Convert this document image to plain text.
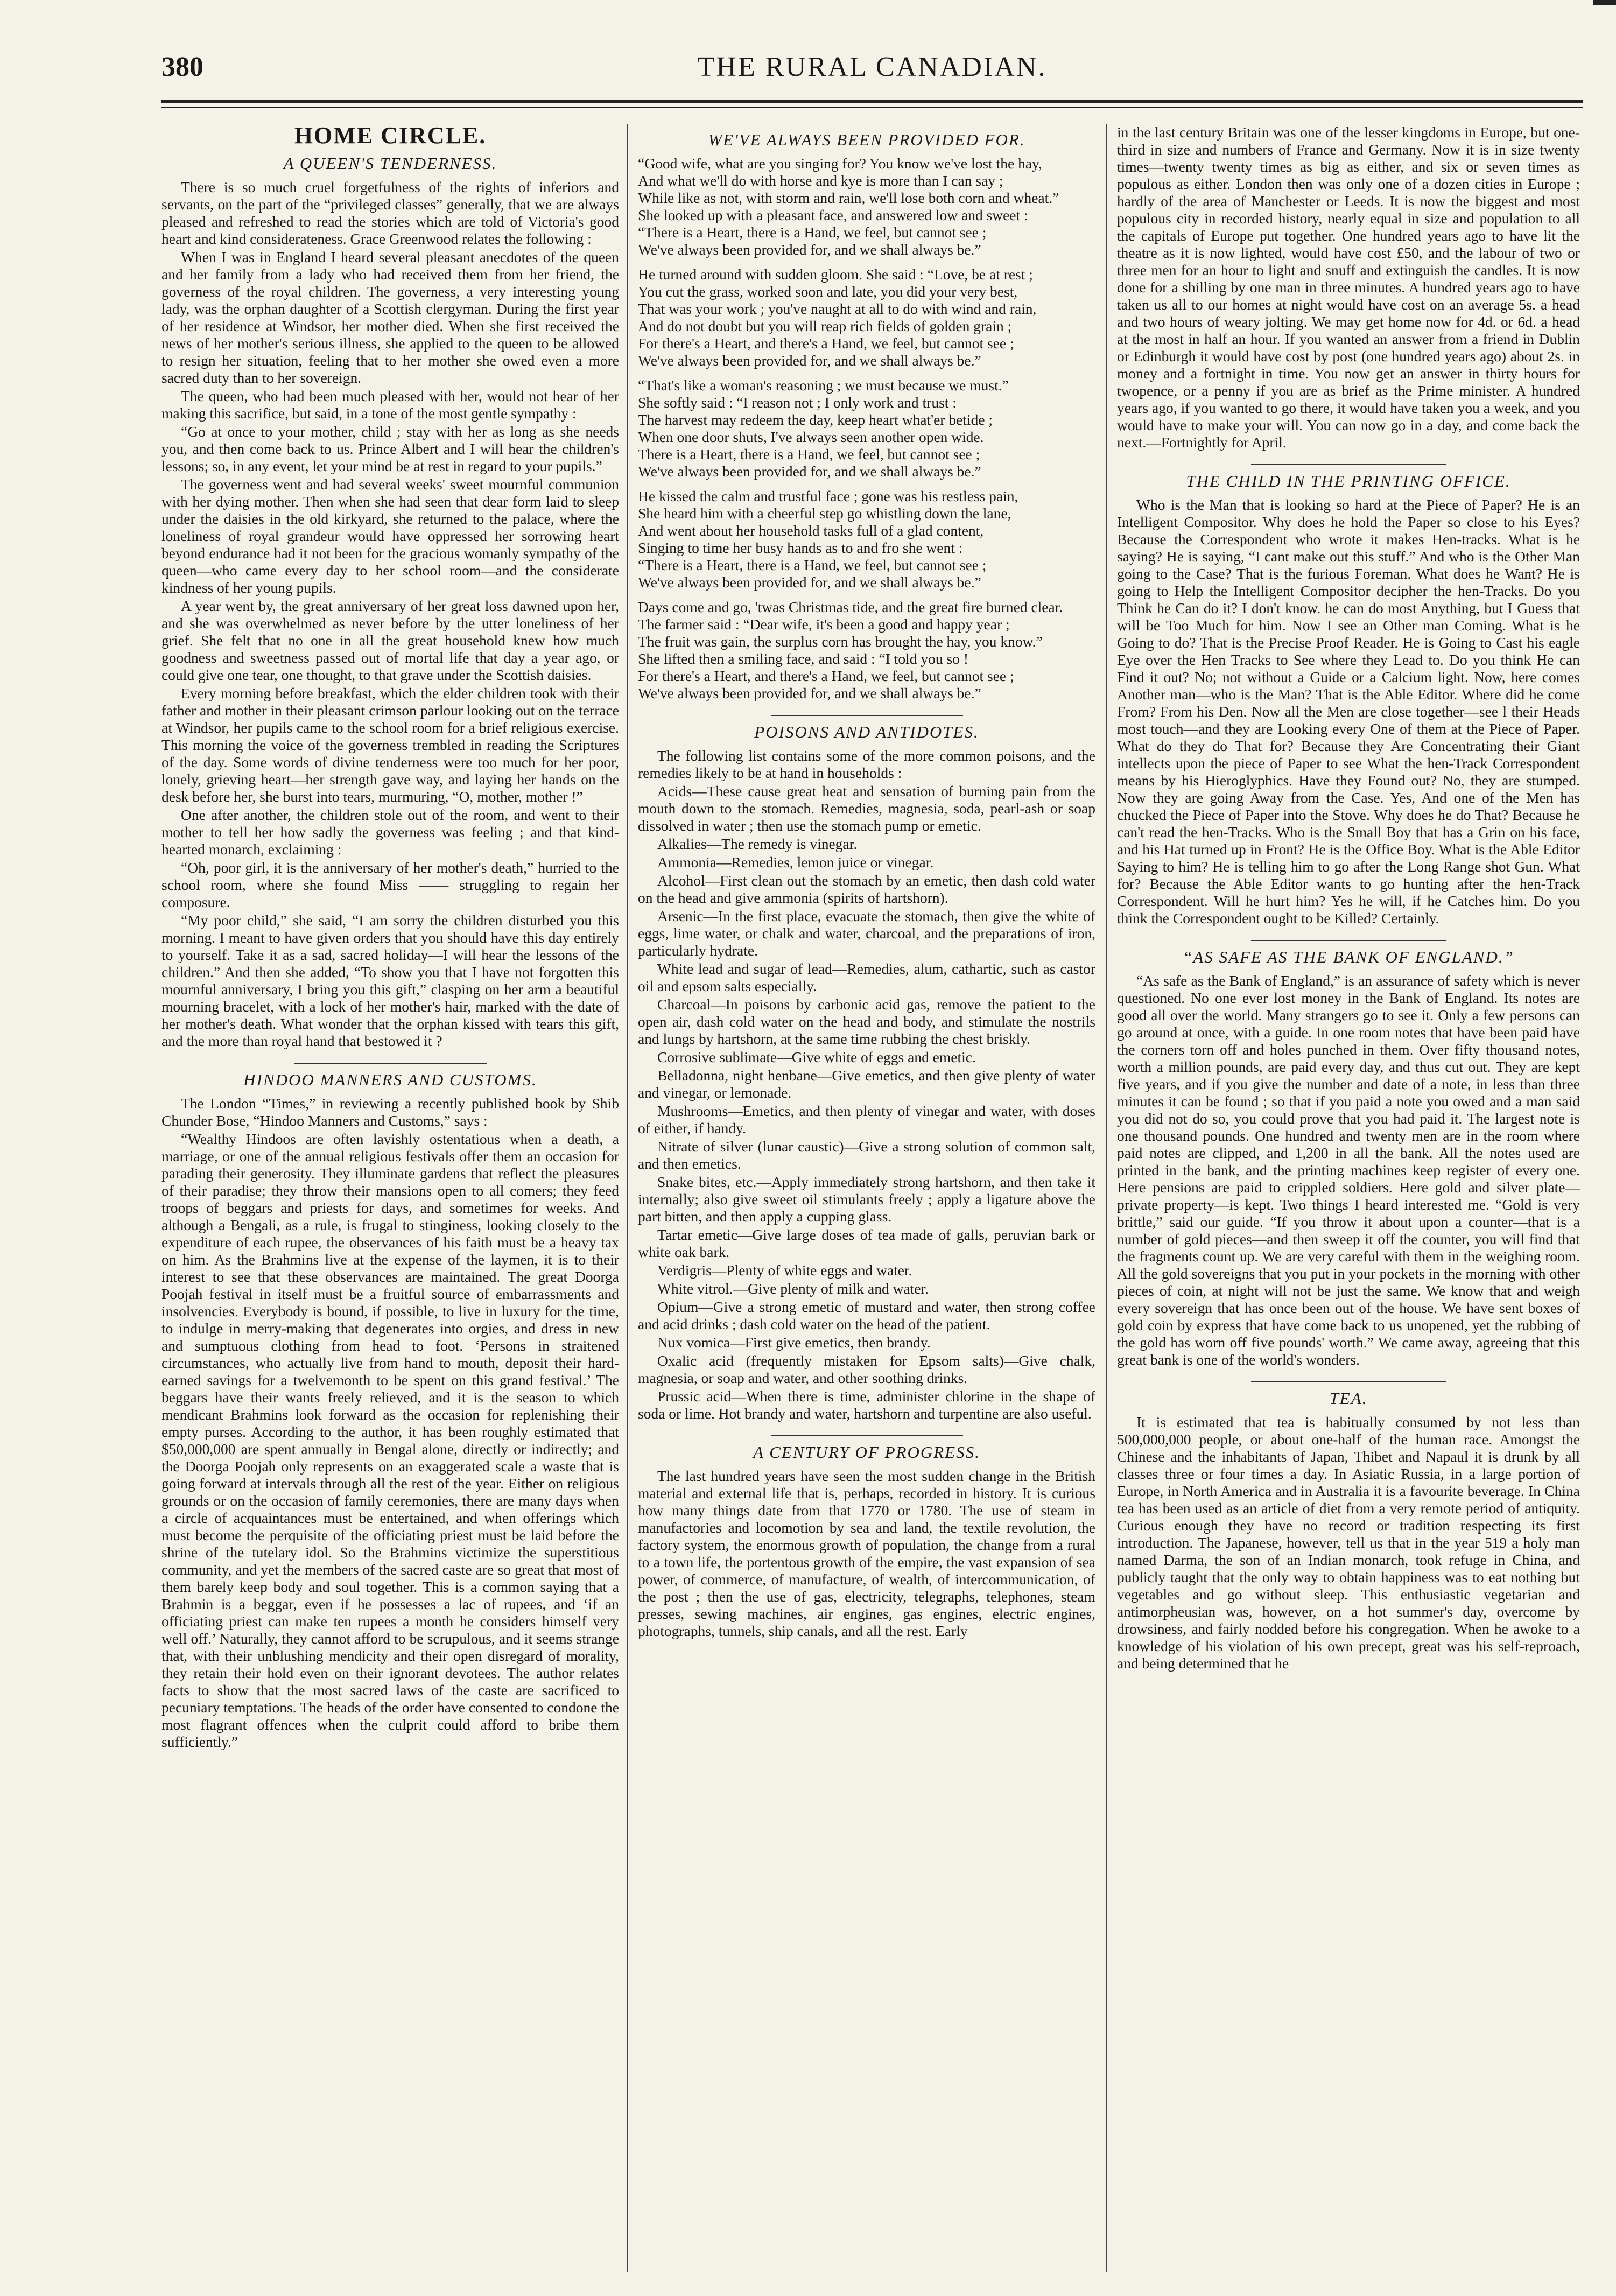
380	THE RURAL CANADIAN.
HOME CIRCLE.
A QUEEN'S TENDERNESS.

There is so much cruel forgetfulness of the rights of inferiors and servants, on the part of the “privileged classes” generally, that we are always pleased and refreshed to read the stories which are told of Victoria's good heart and kind considerateness. Grace Greenwood relates the following :

When I was in England I heard several pleasant anecdotes of the queen and her family from a lady who had received them from her friend, the governess of the royal children. The governess, a very interesting young lady, was the orphan daughter of a Scottish clergyman. During the first year of her residence at Windsor, her mother died. When she first received the news of her mother's serious illness, she applied to the queen to be allowed to resign her situation, feeling that to her mother she owed even a more sacred duty than to her sovereign.

The queen, who had been much pleased with her, would not hear of her making this sacrifice, but said, in a tone of the most gentle sympathy :

“Go at once to your mother, child ; stay with her as long as she needs you, and then come back to us. Prince Albert and I will hear the children's lessons; so, in any event, let your mind be at rest in regard to your pupils.”

The governess went and had several weeks' sweet mournful communion with her dying mother. Then when she had seen that dear form laid to sleep under the daisies in the old kirkyard, she returned to the palace, where the loneliness of royal grandeur would have oppressed her sorrowing heart beyond endurance had it not been for the gracious womanly sympathy of the queen—who came every day to her school room—and the considerate kindness of her young pupils.

A year went by, the great anniversary of her great loss dawned upon her, and she was overwhelmed as never before by the utter loneliness of her grief. She felt that no one in all the great household knew how much goodness and sweetness passed out of mortal life that day a year ago, or could give one tear, one thought, to that grave under the Scottish daisies.

Every morning before breakfast, which the elder children took with their father and mother in their pleasant crimson parlour looking out on the terrace at Windsor, her pupils came to the school room for a brief religious exercise. This morning the voice of the governess trembled in reading the Scriptures of the day. Some words of divine tenderness were too much for her poor, lonely, grieving heart—her strength gave way, and laying her hands on the desk before her, she burst into tears, murmuring, “O, mother, mother !”

One after another, the children stole out of the room, and went to their mother to tell her how sadly the governess was feeling ; and that kind-hearted monarch, exclaiming :

“Oh, poor girl, it is the anniversary of her mother's death,” hurried to the school room, where she found Miss —— struggling to regain her composure.

“My poor child,” she said, “I am sorry the children disturbed you this morning. I meant to have given orders that you should have this day entirely to yourself. Take it as a sad, sacred holiday—I will hear the lessons of the children.” And then she added, “To show you that I have not forgotten this mournful anniversary, I bring you this gift,” clasping on her arm a beautiful mourning bracelet, with a lock of her mother's hair, marked with the date of her mother's death. What wonder that the orphan kissed with tears this gift, and the more than royal hand that bestowed it ?

HINDOO MANNERS AND CUSTOMS.

The London “Times,” in reviewing a recently published book by Shib Chunder Bose, “Hindoo Manners and Customs,” says :

“Wealthy Hindoos are often lavishly ostentatious when a death, a marriage, or one of the annual religious festivals offer them an occasion for parading their generosity. They illuminate gardens that reflect the pleasures of their paradise; they throw their mansions open to all comers; they feed troops of beggars and priests for days, and sometimes for weeks. And although a Bengali, as a rule, is frugal to stinginess, looking closely to the expenditure of each rupee, the observances of his faith must be a heavy tax on him. As the Brahmins live at the expense of the laymen, it is to their interest to see that these observances are maintained. The great Doorga Poojah festival in itself must be a fruitful source of embarrassments and insolvencies. Everybody is bound, if possible, to live in luxury for the time, to indulge in merry-making that degenerates into orgies, and dress in new and sumptuous clothing from head to foot. ‘Persons in straitened circumstances, who actually live from hand to mouth, deposit their hard-earned savings for a twelvemonth to be spent on this grand festival.’ The beggars have their wants freely relieved, and it is the season to which mendicant Brahmins look forward as the occasion for replenishing their empty purses. According to the author, it has been roughly estimated that $50,000,000 are spent annually in Bengal alone, directly or indirectly; and the Doorga Poojah only represents on an exaggerated scale a waste that is going forward at intervals through all the rest of the year. Either on religious grounds or on the occasion of family ceremonies, there are many days when a circle of acquaintances must be entertained, and when offerings which must become the perquisite of the officiating priest must be laid before the shrine of the tutelary idol. So the Brahmins victimize the superstitious community, and yet the members of the sacred caste are so great that most of them barely keep body and soul together. This is a common saying that a Brahmin is a beggar, even if he possesses a lac of rupees, and ‘if an officiating priest can make ten rupees a month he considers himself very well off.’ Naturally, they cannot afford to be scrupulous, and it seems strange that, with their unblushing mendicity and their open disregard of morality, they retain their hold even on their ignorant devotees. The author relates facts to show that the most sacred laws of the caste are sacrificed to pecuniary temptations. The heads of the order have consented to condone the most flagrant offences when the culprit could afford to bribe them sufficiently.”

WE'VE ALWAYS BEEN PROVIDED FOR.

“Good wife, what are you singing for? You know we've lost the hay,

And what we'll do with horse and kye is more than I can say ;

While like as not, with storm and rain, we'll lose both corn and wheat.”

She looked up with a pleasant face, and answered low and sweet :

“There is a Heart, there is a Hand, we feel, but cannot see ;

We've always been provided for, and we shall always be.”

He turned around with sudden gloom. She said : “Love, be at rest ;

You cut the grass, worked soon and late, you did your very best,

That was your work ; you've naught at all to do with wind and rain,

And do not doubt but you will reap rich fields of golden grain ;

For there's a Heart, and there's a Hand, we feel, but cannot see ;

We've always been provided for, and we shall always be.”

“That's like a woman's reasoning ; we must because we must.”

She softly said : “I reason not ; I only work and trust :

The harvest may redeem the day, keep heart what'er betide ;

When one door shuts, I've always seen another open wide.

There is a Heart, there is a Hand, we feel, but cannot see ;

We've always been provided for, and we shall always be.”

He kissed the calm and trustful face ; gone was his restless pain,

She heard him with a cheerful step go whistling down the lane,

And went about her household tasks full of a glad content,

Singing to time her busy hands as to and fro she went :

“There is a Heart, there is a Hand, we feel, but cannot see ;

We've always been provided for, and we shall always be.”

Days come and go, 'twas Christmas tide, and the great fire burned clear.

The farmer said : “Dear wife, it's been a good and happy year ;

The fruit was gain, the surplus corn has brought the hay, you know.”

She lifted then a smiling face, and said : “I told you so !

For there's a Heart, and there's a Hand, we feel, but cannot see ;

We've always been provided for, and we shall always be.”

POISONS AND ANTIDOTES.

The following list contains some of the more common poisons, and the remedies likely to be at hand in households :

Acids—These cause great heat and sensation of burning pain from the mouth down to the stomach. Remedies, magnesia, soda, pearl-ash or soap dissolved in water ; then use the stomach pump or emetic.

Alkalies—The remedy is vinegar.

Ammonia—Remedies, lemon juice or vinegar.

Alcohol—First clean out the stomach by an emetic, then dash cold water on the head and give ammonia (spirits of hartshorn).

Arsenic—In the first place, evacuate the stomach, then give the white of eggs, lime water, or chalk and water, charcoal, and the preparations of iron, particularly hydrate.

White lead and sugar of lead—Remedies, alum, cathartic, such as castor oil and epsom salts especially.

Charcoal—In poisons by carbonic acid gas, remove the patient to the open air, dash cold water on the head and body, and stimulate the nostrils and lungs by hartshorn, at the same time rubbing the chest briskly.

Corrosive sublimate—Give white of eggs and emetic.

Belladonna, night henbane—Give emetics, and then give plenty of water and vinegar, or lemonade.

Mushrooms—Emetics, and then plenty of vinegar and water, with doses of either, if handy.

Nitrate of silver (lunar caustic)—Give a strong solution of common salt, and then emetics.

Snake bites, etc.—Apply immediately strong hartshorn, and then take it internally; also give sweet oil stimulants freely ; apply a ligature above the part bitten, and then apply a cupping glass.

Tartar emetic—Give large doses of tea made of galls, peruvian bark or white oak bark.

Verdigris—Plenty of white eggs and water.

White vitrol.—Give plenty of milk and water.

Opium—Give a strong emetic of mustard and water, then strong coffee and acid drinks ; dash cold water on the head of the patient.

Nux vomica—First give emetics, then brandy.

Oxalic acid (frequently mistaken for Epsom salts)—Give chalk, magnesia, or soap and water, and other soothing drinks.

Prussic acid—When there is time, administer chlorine in the shape of soda or lime. Hot brandy and water, hartshorn and turpentine are also useful.

A CENTURY OF PROGRESS.

The last hundred years have seen the most sudden change in the British material and external life that is, perhaps, recorded in history. It is curious how many things date from that 1770 or 1780. The use of steam in manufactories and locomotion by sea and land, the textile revolution, the factory system, the enormous growth of population, the change from a rural to a town life, the portentous growth of the empire, the vast expansion of sea power, of commerce, of manufacture, of wealth, of intercommunication, of the post ; then the use of gas, electricity, telegraphs, telephones, steam presses, sewing machines, air engines, gas engines, electric engines, photographs, tunnels, ship canals, and all the rest. Early

in the last century Britain was one of the lesser kingdoms in Europe, but one-third in size and numbers of France and Germany. Now it is in size twenty times—twenty twenty times as big as either, and six or seven times as populous as either. London then was only one of a dozen cities in Europe ; hardly of the area of Manchester or Leeds. It is now the biggest and most populous city in recorded history, nearly equal in size and population to all the capitals of Europe put together. One hundred years ago to have lit the theatre as it is now lighted, would have cost £50, and the labour of two or three men for an hour to light and snuff and extinguish the candles. It is now done for a shilling by one man in three minutes. A hundred years ago to have taken us all to our homes at night would have cost on an average 5s. a head and two hours of weary jolting. We may get home now for 4d. or 6d. a head at the most in half an hour. If you wanted an answer from a friend in Dublin or Edinburgh it would have cost by post (one hundred years ago) about 2s. in money and a fortnight in time. You now get an answer in thirty hours for twopence, or a penny if you are as brief as the Prime minister. A hundred years ago, if you wanted to go there, it would have taken you a week, and you would have to make your will. You can now go in a day, and come back the next.—Fortnightly for April.

THE CHILD IN THE PRINTING OFFICE.

Who is the Man that is looking so hard at the Piece of Paper? He is an Intelligent Compositor. Why does he hold the Paper so close to his Eyes? Because the Correspondent who wrote it makes Hen-tracks. What is he saying? He is saying, “I cant make out this stuff.” And who is the Other Man going to the Case? That is the furious Foreman. What does he Want? He is going to Help the Intelligent Compositor decipher the hen-Tracks. Do you Think he Can do it? I don't know. he can do most Anything, but I Guess that will be Too Much for him. Now I see an Other man Coming. What is he Going to do? That is the Precise Proof Reader. He is Going to Cast his eagle Eye over the Hen Tracks to See where they Lead to. Do you think He can Find it out? No; not without a Guide or a Calcium light. Now, here comes Another man—who is the Man? That is the Able Editor. Where did he come From? From his Den. Now all the Men are close together—see l their Heads most touch—and they are Looking every One of them at the Piece of Paper. What do they do That for? Because they Are Concentrating their Giant intellects upon the piece of Paper to see What the hen-Track Correspondent means by his Hieroglyphics. Have they Found out? No, they are stumped. Now they are going Away from the Case. Yes, And one of the Men has chucked the Piece of Paper into the Stove. Why does he do That? Because he can't read the hen-Tracks. Who is the Small Boy that has a Grin on his face, and his Hat turned up in Front? He is the Office Boy. What is the Able Editor Saying to him? He is telling him to go after the Long Range shot Gun. What for? Because the Able Editor wants to go hunting after the hen-Track Correspondent. Will he hurt him? Yes he will, if he Catches him. Do you think the Correspondent ought to be Killed? Certainly.

“AS SAFE AS THE BANK OF ENGLAND.”

“As safe as the Bank of England,” is an assurance of safety which is never questioned. No one ever lost money in the Bank of England. Its notes are good all over the world. Many strangers go to see it. Only a few persons can go around at once, with a guide. In one room notes that have been paid have the corners torn off and holes punched in them. Over fifty thousand notes, worth a million pounds, are paid every day, and thus cut out. They are kept five years, and if you give the number and date of a note, in less than three minutes it can be found ; so that if you paid a note you owed and a man said you did not do so, you could prove that you had paid it. The largest note is one thousand pounds. One hundred and twenty men are in the room where paid notes are clipped, and 1,200 in all the bank. All the notes used are printed in the bank, and the printing machines keep register of every one. Here pensions are paid to crippled soldiers. Here gold and silver plate—private property—is kept. Two things I heard interested me. “Gold is very brittle,” said our guide. “If you throw it about upon a counter—that is a number of gold pieces—and then sweep it off the counter, you will find that the fragments count up. We are very careful with them in the weighing room. All the gold sovereigns that you put in your pockets in the morning with other pieces of coin, at night will not be just the same. We know that and weigh every sovereign that has once been out of the house. We have sent boxes of gold coin by express that have come back to us unopened, yet the rubbing of the gold has worn off five pounds' worth.” We came away, agreeing that this great bank is one of the world's wonders.

TEA.

It is estimated that tea is habitually consumed by not less than 500,000,000 people, or about one-half of the human race. Amongst the Chinese and the inhabitants of Japan, Thibet and Napaul it is drunk by all classes three or four times a day. In Asiatic Russia, in a large portion of Europe, in North America and in Australia it is a favourite beverage. In China tea has been used as an article of diet from a very remote period of antiquity. Curious enough they have no record or tradition respecting its first introduction. The Japanese, however, tell us that in the year 519 a holy man named Darma, the son of an Indian monarch, took refuge in China, and publicly taught that the only way to obtain happiness was to eat nothing but vegetables and go without sleep. This enthusiastic vegetarian and antimorpheusian was, however, on a hot summer's day, overcome by drowsiness, and fairly nodded before his congregation. When he awoke to a knowledge of his violation of his own precept, great was his self-reproach, and being determined that he
